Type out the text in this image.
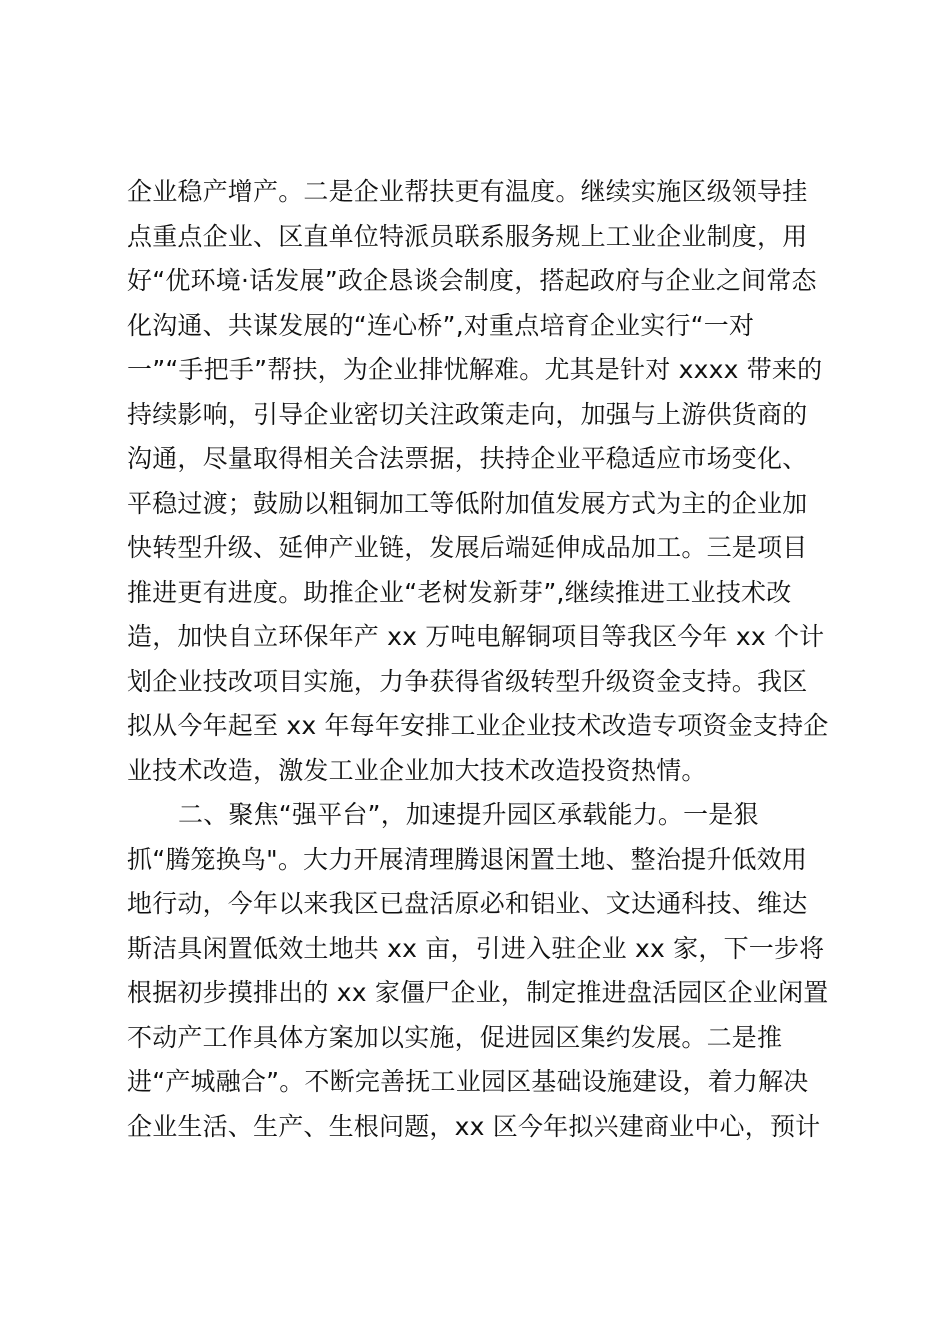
企业稳产增产。二是企业帮扶更有温度。继续实施区级领导挂
点重点企业、区直单位特派员联系服务规上工业企业制度，用
好“优环境·话发展”政企恳谈会制度，搭起政府与企业之间常态
化沟通、共谋发展的“连心桥”,对重点培育企业实行“一对
一”“手把手”帮扶，为企业排忧解难。尤其是针对 xxxx 带来的
持续影响，引导企业密切关注政策走向，加强与上游供货商的
沟通，尽量取得相关合法票据，扶持企业平稳适应市场变化、
平稳过渡；鼓励以粗铜加工等低附加值发展方式为主的企业加
快转型升级、延伸产业链，发展后端延伸成品加工。三是项目
推进更有进度。助推企业“老树发新芽”,继续推进工业技术改
造，加快自立环保年产 xx 万吨电解铜项目等我区今年 xx 个计
划企业技改项目实施，力争获得省级转型升级资金支持。我区
拟从今年起至 xx 年每年安排工业企业技术改造专项资金支持企
业技术改造，激发工业企业加大技术改造投资热情。
二、聚焦“强平台”，加速提升园区承载能力。一是狠
抓“腾笼换鸟"。大力开展清理腾退闲置土地、整治提升低效用
地行动，今年以来我区已盘活原必和铝业、文达通科技、维达
斯洁具闲置低效土地共 xx 亩，引进入驻企业 xx 家，下一步将
根据初步摸排出的 xx 家僵尸企业，制定推进盘活园区企业闲置
不动产工作具体方案加以实施，促进园区集约发展。二是推
进“产城融合”。不断完善抚工业园区基础设施建设，着力解决
企业生活、生产、生根问题，xx 区今年拟兴建商业中心，预计
